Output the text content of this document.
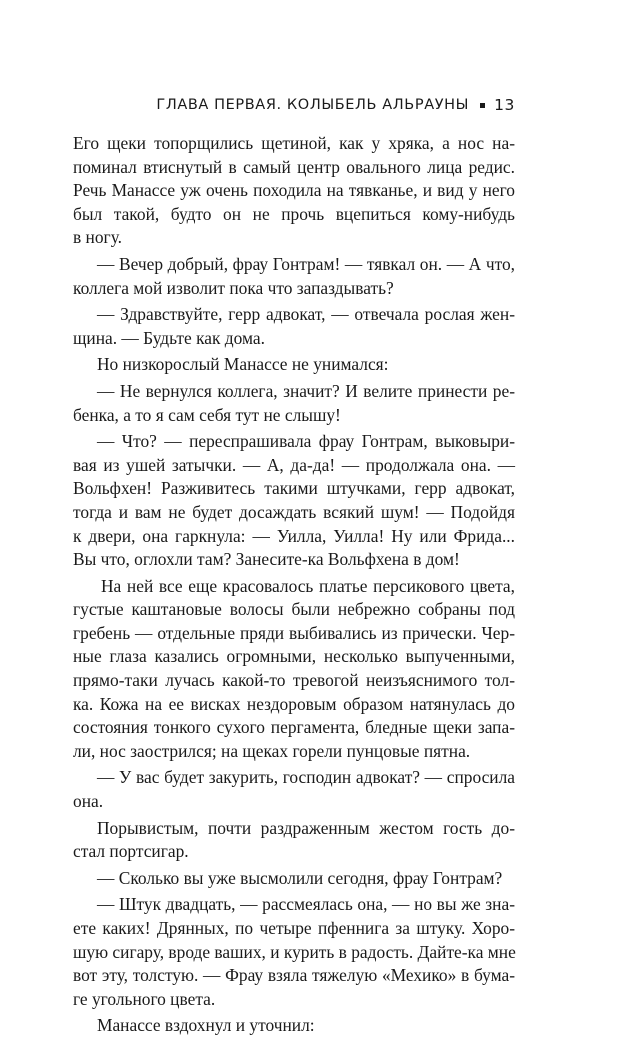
ГЛАВА ПЕРВАЯ. КОЛЫБЕЛЬ АЛЬРАУНЫ 13
Его щеки топорщились щетиной, как у хряка, а нос на-
поминал втиснутый в самый центр овального лица редис.
Речь Манассе уж очень походила на тявканье, и вид у него
был такой, будто он не прочь вцепиться кому-нибудь
в ногу.
— Вечер добрый, фрау Гонтрам! — тявкал он. — А что,
коллега мой изволит пока что запаздывать?
— Здравствуйте, герр адвокат, — отвечала рослая жен-
щина. — Будьте как дома.
Но низкорослый Манассе не унимался:
— Не вернулся коллега, значит? И велите принести ре-
бенка, а то я сам себя тут не слышу!
— Что? — переспрашивала фрау Гонтрам, выковыри-
вая из ушей затычки. — А, да-да! — продолжала она. —
Вольфхен! Разживитесь такими штучками, герр адвокат,
тогда и вам не будет досаждать всякий шум! — Подойдя
к двери, она гаркнула: — Уилла, Уилла! Ну или Фрида...
Вы что, оглохли там? Занесите-ка Вольфхена в дом!
На ней все еще красовалось платье персикового цвета,
густые каштановые волосы были небрежно собраны под
гребень — отдельные пряди выбивались из прически. Чер-
ные глаза казались огромными, несколько выпученными,
прямо-таки лучась какой-то тревогой неизъяснимого тол-
ка. Кожа на ее висках нездоровым образом натянулась до
состояния тонкого сухого пергамента, бледные щеки запа-
ли, нос заострился; на щеках горели пунцовые пятна.
— У вас будет закурить, господин адвокат? — спросила
она.
Порывистым, почти раздраженным жестом гость до-
стал портсигар.
— Сколько вы уже высмолили сегодня, фрау Гонтрам?
— Штук двадцать, — рассмеялась она, — но вы же зна-
ете каких! Дрянных, по четыре пфеннига за штуку. Хоро-
шую сигару, вроде ваших, и курить в радость. Дайте-ка мне
вот эту, толстую. — Фрау взяла тяжелую «Мехико» в бума-
ге угольного цвета.
Манассе вздохнул и уточнил:
